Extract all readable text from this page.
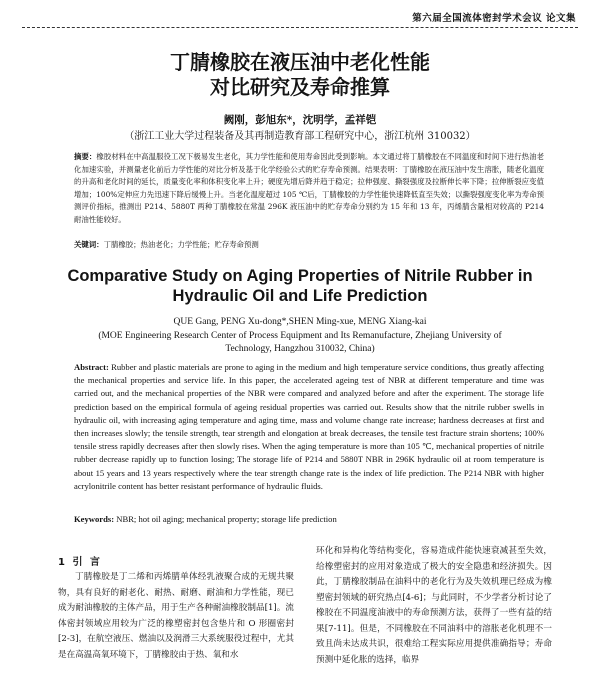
第六届全国流体密封学术会议 论文集
丁腈橡胶在液压油中老化性能
对比研究及寿命推算
阙刚，彭旭东*，沈明学，孟祥铠
（浙江工业大学过程装备及其再制造教育部工程研究中心，浙江杭州 310032）
摘要：橡胶材料在中高温服役工况下极易发生老化，其力学性能和使用寿命因此受到影响。本文通过将丁腈橡胶在不同温度和时间下进行热油老化加速实验，并测量老化前后力学性能的对比分析及基于化学经验公式的贮存寿命预测。结果表明：丁腈橡胶在液压油中发生溶胀，随老化温度的升高和老化时间的延长，质量变化率和体积变化率上升；硬度先增后降并趋于稳定；拉伸强度、撕裂强度及拉断伸长率下降；拉伸断裂应变值增加；100%定伸应力先迅速下降后缓慢上升。当老化温度超过 105 ℃后，丁腈橡胶的力学性能快速降低直至失效；以撕裂强度变化率为寿命预测评价指标，推测出 P214、5880T 两种丁腈橡胶在常温 296K 液压油中的贮存寿命分别约为 15 年和 13 年，丙烯腈含量相对较高的 P214 耐油性能较好。
关键词：丁腈橡胶；热油老化；力学性能；贮存寿命预测
Comparative Study on Aging Properties of Nitrile Rubber in
Hydraulic Oil and Life Prediction
QUE Gang, PENG Xu-dong*,SHEN Ming-xue, MENG Xiang-kai
(MOE Engineering Research Center of Process Equipment and Its Remanufacture, Zhejiang University of Technology, Hangzhou 310032, China)
Abstract: Rubber and plastic materials are prone to aging in the medium and high temperature service conditions, thus greatly affecting the mechanical properties and service life. In this paper, the accelerated ageing test of NBR at different temperature and time was carried out, and the mechanical properties of the NBR were compared and analyzed before and after the experiment. The storage life prediction based on the empirical formula of ageing residual properties was carried out. Results show that the nitrile rubber swells in hydraulic oil, with increasing aging temperature and aging time, mass and volume change rate increase; hardness decreases at first and then increases slowly; the tensile strength, tear strength and elongation at break decreases, the tensile test fracture strain shortens; 100% tensile stress rapidly decreases after then slowly rises. When the aging temperature is more than 105 ℃, mechanical properties of nitrile rubber decrease rapidly up to function losing; The storage life of P214 and 5880T NBR in 296K hydraulic oil at room temperature is about 15 years and 13 years respectively where the tear strength change rate is the index of life prediction. The P214 NBR with higher acrylonitrile content has better resistant performance of hydraulic fluids.
Keywords: NBR; hot oil aging; mechanical property; storage life prediction
1 引 言
丁腈橡胶是丁二烯和丙烯腈单体经乳液聚合成的无规共聚物，具有良好的耐老化、耐热、耐磨、耐油和力学性能，现已成为耐油橡胶的主体产品，用于生产各种耐油橡胶制品[1]。流体密封领域应用较为广泛的橡塑密封包含垫片和 O 形圈密封[2-3]，在航空液压、燃油以及润滑三大系统服役过程中，尤其是在高温高氧环境下，丁腈橡胶由于热、氧和水
环化和异构化等结构变化，容易造成件能快速衰减甚至失效，给橡塑密封的应用对象造成了极大的安全隐患和经济损失。因此，丁腈橡胶制品在油料中的老化行为及失效机理已经成为橡塑密封领域的研究热点[4-6]；与此同时，不少学者分析讨论了橡胶在不同温度油液中的寿命预测方法，获得了一些有益的结果[7-11]。但是，不同橡胶在不同油料中的溶胀老化机理不一致且尚未达成共识，很难给工程实际应用提供准确指导；寿命预测中延化胀的选择，临界
